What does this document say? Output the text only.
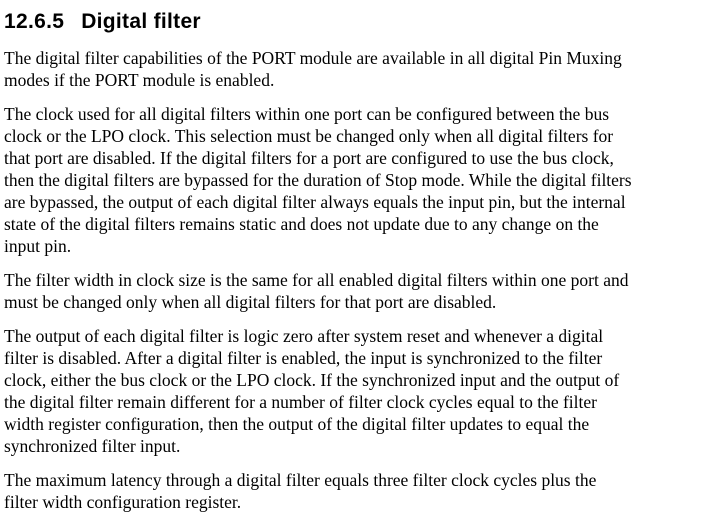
12.6.5 Digital filter

The digital filter capabilities of the PORT module are available in all digital Pin Muxing
modes if the PORT module is enabled.

The clock used for all digital filters within one port can be configured between the bus
clock or the LPO clock. This selection must be changed only when all digital filters for
that port are disabled. If the digital filters for a port are configured to use the bus clock,
then the digital filters are bypassed for the duration of Stop mode. While the digital filters
are bypassed, the output of each digital filter always equals the input pin, but the internal
state of the digital filters remains static and does not update due to any change on the
input pin.

The filter width in clock size is the same for all enabled digital filters within one port and
must be changed only when all digital filters for that port are disabled.

The output of each digital filter is logic zero after system reset and whenever a digital
filter is disabled. After a digital filter is enabled, the input is synchronized to the filter
clock, either the bus clock or the LPO clock. If the synchronized input and the output of
the digital filter remain different for a number of filter clock cycles equal to the filter
width register configuration, then the output of the digital filter updates to equal the
synchronized filter input.

The maximum latency through a digital filter equals three filter clock cycles plus the
filter width configuration register.
